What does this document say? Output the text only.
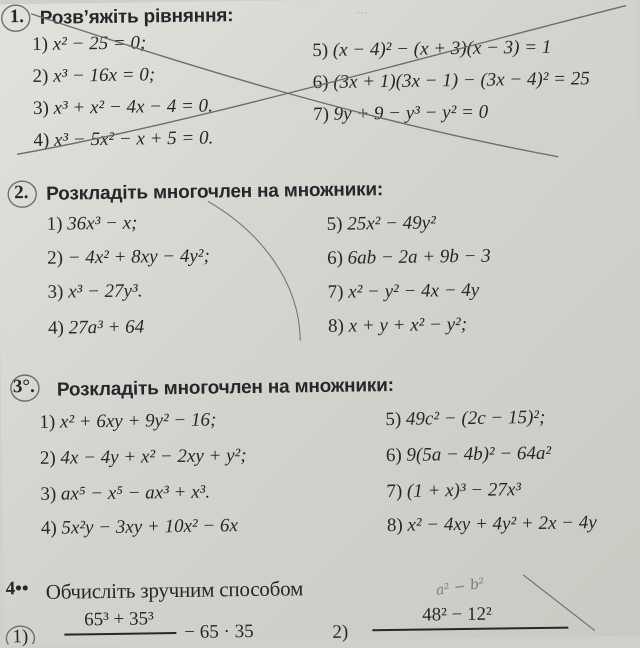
…
1. Розв’яжіть рівняння:
1) x² − 25 = 0;
2) x³ − 16x = 0;
3) x³ + x² − 4x − 4 = 0.
4) x³ − 5x² − x + 5 = 0.
5) (x − 4)² − (x + 3)(x − 3) = 1
6) (3x + 1)(3x − 1) − (3x − 4)² = 25
7) 9y + 9 − y³ − y² = 0
2. Розкладіть многочлен на множники:
1) 36x³ − x;
2) − 4x² + 8xy − 4y²;
3) x³ − 27y³.
4) 27a³ + 64
5) 25x² − 49y²
6) 6ab − 2a + 9b − 3
7) x² − y² − 4x − 4y
8) x + y + x² − y²;
3°. Розкладіть многочлен на множники:
1) x² + 6xy + 9y² − 16;
2) 4x − 4y + x² − 2xy + y²;
3) ax⁵ − x⁵ − ax³ + x³.
4) 5x²y − 3xy + 10x² − 6x
5) 49c² − (2c − 15)²;
6) 9(5a − 4b)² − 64a²
7) (1 + x)³ − 27x³
8) x² − 4xy + 4y² + 2x − 4y
4•• Обчисліть зручним способом
1)
65³ + 35³
− 65 · 35	2)
48² − 12²
a² − b²
